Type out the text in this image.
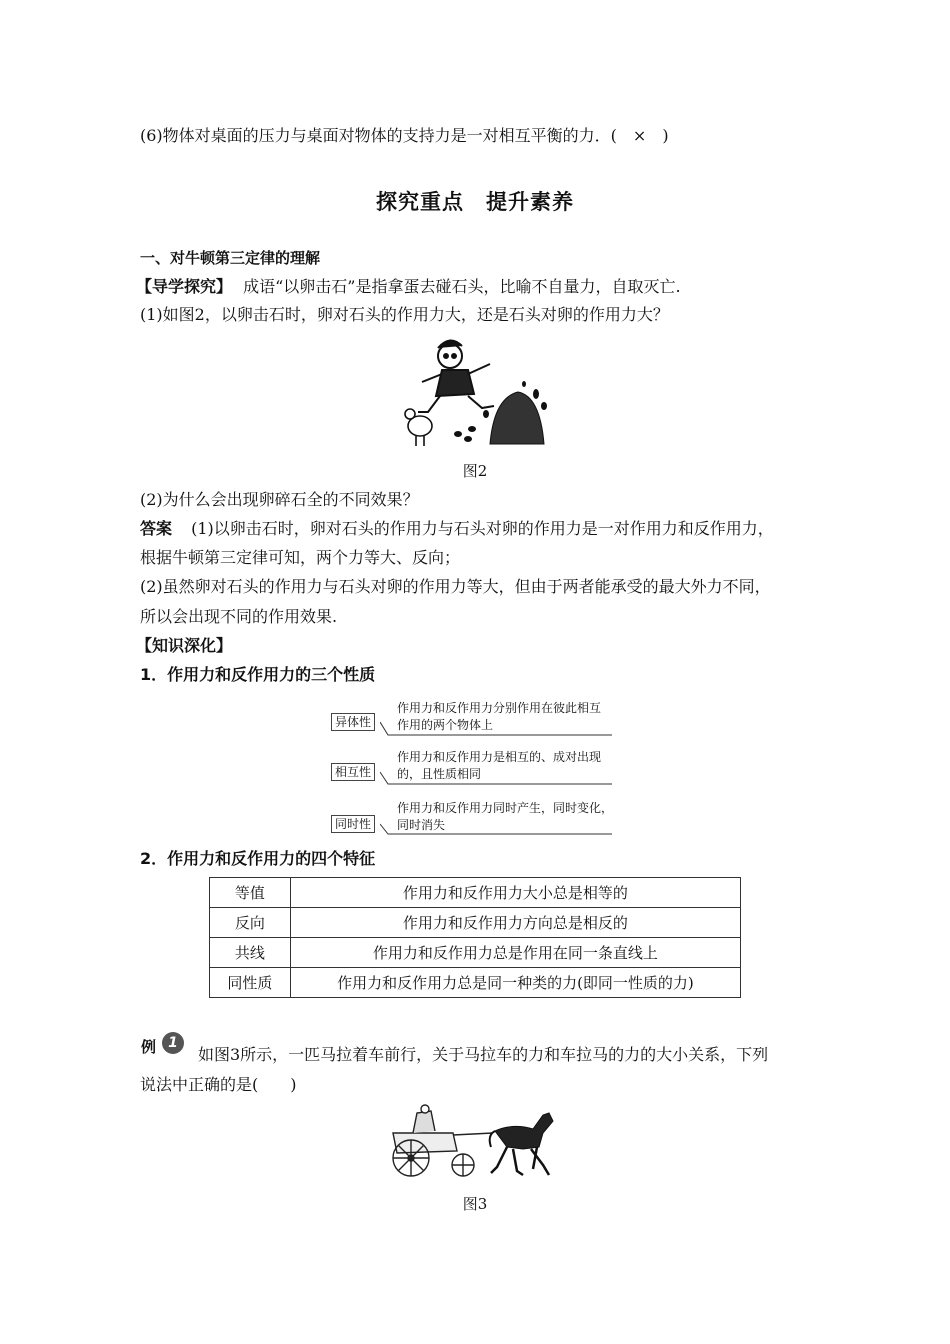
(6)物体对桌面的压力与桌面对物体的支持力是一对相互平衡的力．(　×　)
探究重点　提升素养
一、对牛顿第三定律的理解
【导学探究】 成语“以卵击石”是指拿蛋去碰石头，比喻不自量力，自取灭亡.
(1)如图2，以卵击石时，卵对石头的作用力大，还是石头对卵的作用力大？
图2
(2)为什么会出现卵碎石全的不同效果？
答案 (1)以卵击石时，卵对石头的作用力与石头对卵的作用力是一对作用力和反作用力，
根据牛顿第三定律可知，两个力等大、反向；
(2)虽然卵对石头的作用力与石头对卵的作用力等大，但由于两者能承受的最大外力不同，
所以会出现不同的作用效果.
【知识深化】
1．作用力和反作用力的三个性质
异体性
作用力和反作用力分别作用在彼此相互
作用的两个物体上
相互性
作用力和反作用力是相互的、成对出现
的，且性质相同
同时性
作用力和反作用力同时产生，同时变化，
同时消失
2．作用力和反作用力的四个特征
等值	作用力和反作用力大小总是相等的
反向	作用力和反作用力方向总是相反的
共线	作用力和反作用力总是作用在同一条直线上
同性质	作用力和反作用力总是同一种类的力(即同一性质的力)
例 1
如图3所示，一匹马拉着车前行，关于马拉车的力和车拉马的力的大小关系，下列
说法中正确的是(　　)
图3
